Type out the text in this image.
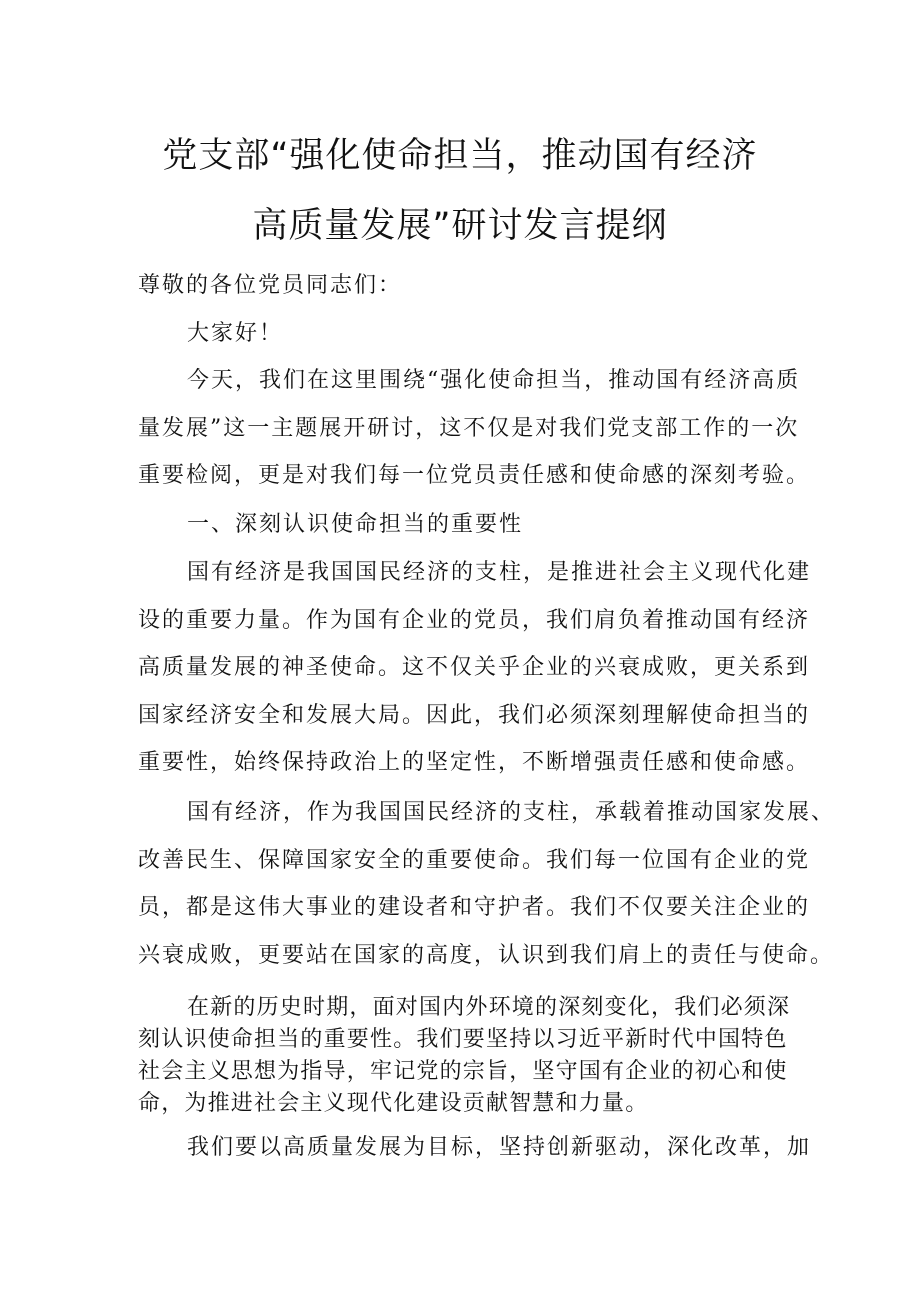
党支部“强化使命担当，推动国有经济
高质量发展”研讨发言提纲

尊敬的各位党员同志们：

大家好！

今天，我们在这里围绕“强化使命担当，推动国有经济高质

量发展”这一主题展开研讨，这不仅是对我们党支部工作的一次

重要检阅，更是对我们每一位党员责任感和使命感的深刻考验。

一、深刻认识使命担当的重要性

国有经济是我国国民经济的支柱，是推进社会主义现代化建

设的重要力量。作为国有企业的党员，我们肩负着推动国有经济

高质量发展的神圣使命。这不仅关乎企业的兴衰成败，更关系到

国家经济安全和发展大局。因此，我们必须深刻理解使命担当的

重要性，始终保持政治上的坚定性，不断增强责任感和使命感。

国有经济，作为我国国民经济的支柱，承载着推动国家发展、

改善民生、保障国家安全的重要使命。我们每一位国有企业的党

员，都是这伟大事业的建设者和守护者。我们不仅要关注企业的

兴衰成败，更要站在国家的高度，认识到我们肩上的责任与使命。

在新的历史时期，面对国内外环境的深刻变化，我们必须深

刻认识使命担当的重要性。我们要坚持以习近平新时代中国特色

社会主义思想为指导，牢记党的宗旨，坚守国有企业的初心和使

命，为推进社会主义现代化建设贡献智慧和力量。

我们要以高质量发展为目标，坚持创新驱动，深化改革，加
